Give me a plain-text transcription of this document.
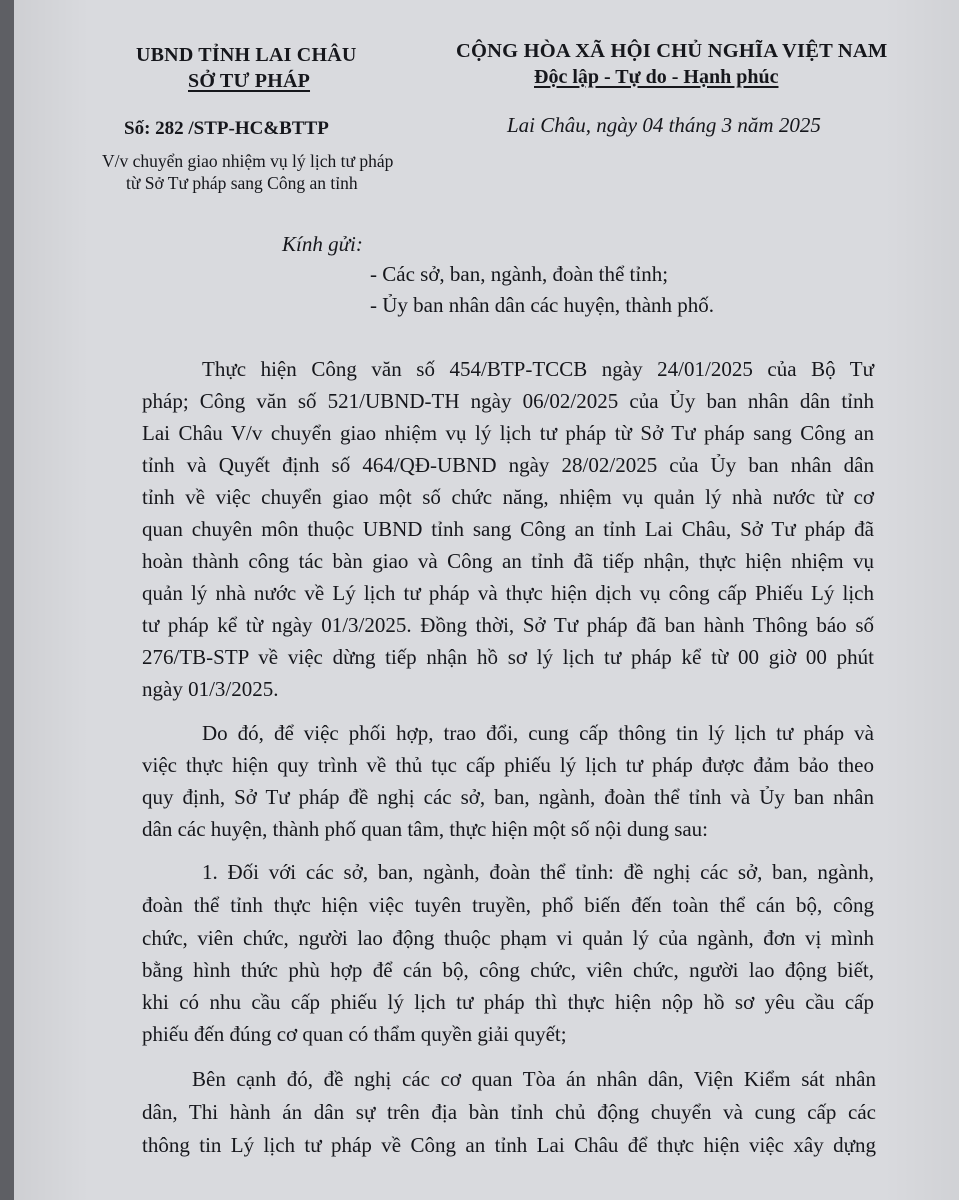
UBND TỈNH LAI CHÂU
SỞ TƯ PHÁP
CỘNG HÒA XÃ HỘI CHỦ NGHĨA VIỆT NAM
Độc lập - Tự do - Hạnh phúc
Số: 282 /STP-HC&BTTP	Lai Châu, ngày 04 tháng 3 năm 2025
V/v chuyển giao nhiệm vụ lý lịch tư pháp
từ Sở Tư pháp sang Công an tỉnh
Kính gửi:
- Các sở, ban, ngành, đoàn thể tỉnh;
- Ủy ban nhân dân các huyện, thành phố.
Thực hiện Công văn số 454/BTP-TCCB ngày 24/01/2025 của Bộ Tư
pháp; Công văn số 521/UBND-TH ngày 06/02/2025 của Ủy ban nhân dân tỉnh
Lai Châu V/v chuyển giao nhiệm vụ lý lịch tư pháp từ Sở Tư pháp sang Công an
tỉnh và Quyết định số 464/QĐ-UBND ngày 28/02/2025 của Ủy ban nhân dân
tỉnh về việc chuyển giao một số chức năng, nhiệm vụ quản lý nhà nước từ cơ
quan chuyên môn thuộc UBND tỉnh sang Công an tỉnh Lai Châu, Sở Tư pháp đã
hoàn thành công tác bàn giao và Công an tỉnh đã tiếp nhận, thực hiện nhiệm vụ
quản lý nhà nước về Lý lịch tư pháp và thực hiện dịch vụ công cấp Phiếu Lý lịch
tư pháp kể từ ngày 01/3/2025. Đồng thời, Sở Tư pháp đã ban hành Thông báo số
276/TB-STP về việc dừng tiếp nhận hồ sơ lý lịch tư pháp kể từ 00 giờ 00 phút
ngày 01/3/2025.
Do đó, để việc phối hợp, trao đổi, cung cấp thông tin lý lịch tư pháp và
việc thực hiện quy trình về thủ tục cấp phiếu lý lịch tư pháp được đảm bảo theo
quy định, Sở Tư pháp đề nghị các sở, ban, ngành, đoàn thể tỉnh và Ủy ban nhân
dân các huyện, thành phố quan tâm, thực hiện một số nội dung sau:
1. Đối với các sở, ban, ngành, đoàn thể tỉnh: đề nghị các sở, ban, ngành,
đoàn thể tỉnh thực hiện việc tuyên truyền, phổ biến đến toàn thể cán bộ, công
chức, viên chức, người lao động thuộc phạm vi quản lý của ngành, đơn vị mình
bằng hình thức phù hợp để cán bộ, công chức, viên chức, người lao động biết,
khi có nhu cầu cấp phiếu lý lịch tư pháp thì thực hiện nộp hồ sơ yêu cầu cấp
phiếu đến đúng cơ quan có thẩm quyền giải quyết;
Bên cạnh đó, đề nghị các cơ quan Tòa án nhân dân, Viện Kiểm sát nhân
dân, Thi hành án dân sự trên địa bàn tỉnh chủ động chuyển và cung cấp các
thông tin Lý lịch tư pháp về Công an tỉnh Lai Châu để thực hiện việc xây dựng
